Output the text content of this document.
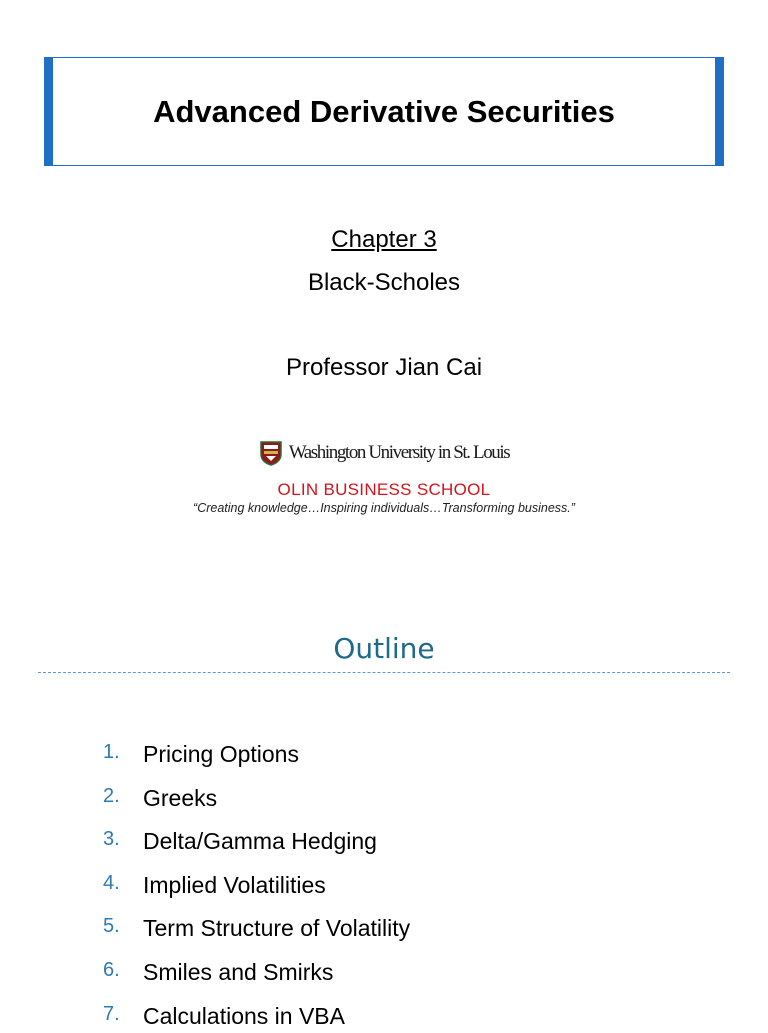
Advanced Derivative Securities
Chapter 3
Black-Scholes
Professor Jian Cai
Washington University in St. Louis
OLIN BUSINESS SCHOOL
“Creating knowledge…Inspiring individuals…Transforming business.”
Outline
1.	Pricing Options
2.	Greeks
3.	Delta/Gamma Hedging
4.	Implied Volatilities
5.	Term Structure of Volatility
6.	Smiles and Smirks
7.	Calculations in VBA
